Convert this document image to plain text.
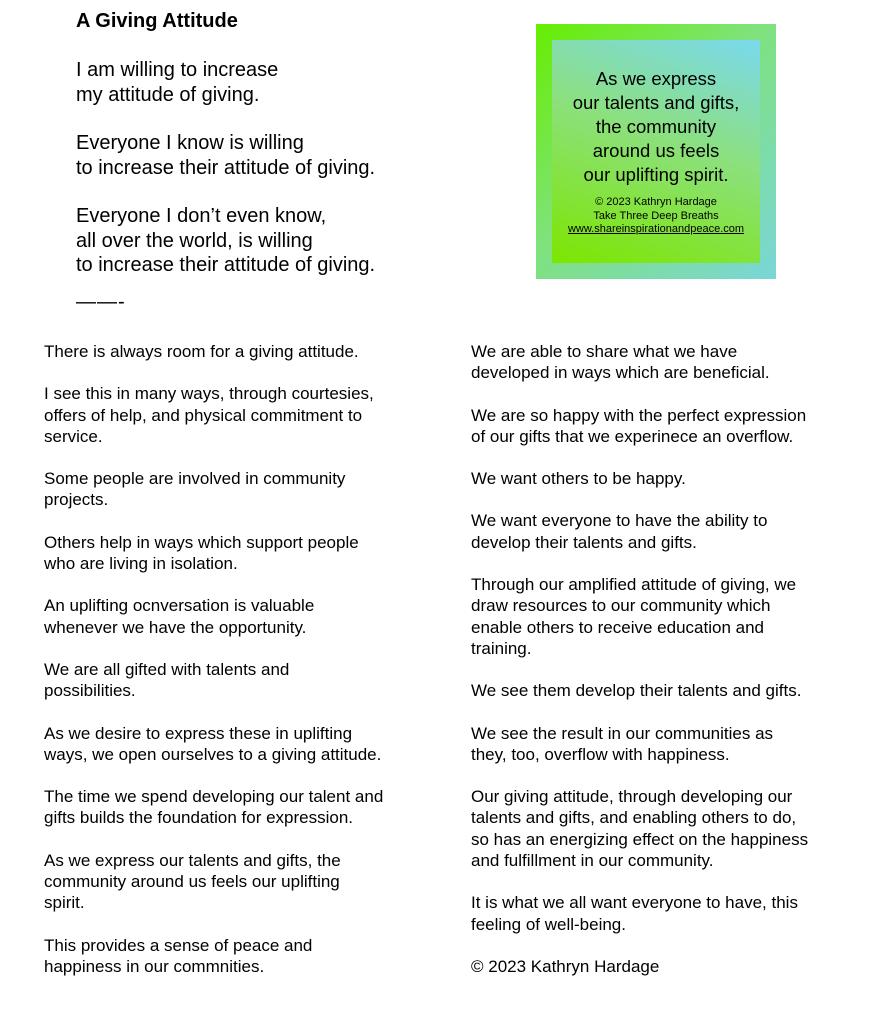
A Giving Attitude

I am willing to increase
my attitude of giving.

Everyone I know is willing
to increase their attitude of giving.

Everyone I don’t even know,
all over the world, is willing
to increase their attitude of giving.

——-
As we express
our talents and gifts,
the community
around us feels
our uplifting spirit.
© 2023 Kathryn Hardage
Take Three Deep Breaths
www.shareinspirationandpeace.com

There is always room for a giving attitude.

I see this in many ways, through courtesies,
offers of help, and physical commitment to
service.

Some people are involved in community
projects.

Others help in ways which support people
who are living in isolation.

An uplifting ocnversation is valuable
whenever we have the opportunity.

We are all gifted with talents and
possibilities.

As we desire to express these in uplifting
ways, we open ourselves to a giving attitude.

The time we spend developing our talent and
gifts builds the foundation for expression.

As we express our talents and gifts, the
community around us feels our uplifting
spirit.

This provides a sense of peace and
happiness in our commnities.

We are able to share what we have
developed in ways which are beneficial.

We are so happy with the perfect expression
of our gifts that we experinece an overflow.

We want others to be happy.

We want everyone to have the ability to
develop their talents and gifts.

Through our amplified attitude of giving, we
draw resources to our community which
enable others to receive education and
training.

We see them develop their talents and gifts.

We see the result in our communities as
they, too, overflow with happiness.

Our giving attitude, through developing our
talents and gifts, and enabling others to do,
so has an energizing effect on the happiness
and fulfillment in our community.

It is what we all want everyone to have, this
feeling of well-being.

© 2023 Kathryn Hardage
